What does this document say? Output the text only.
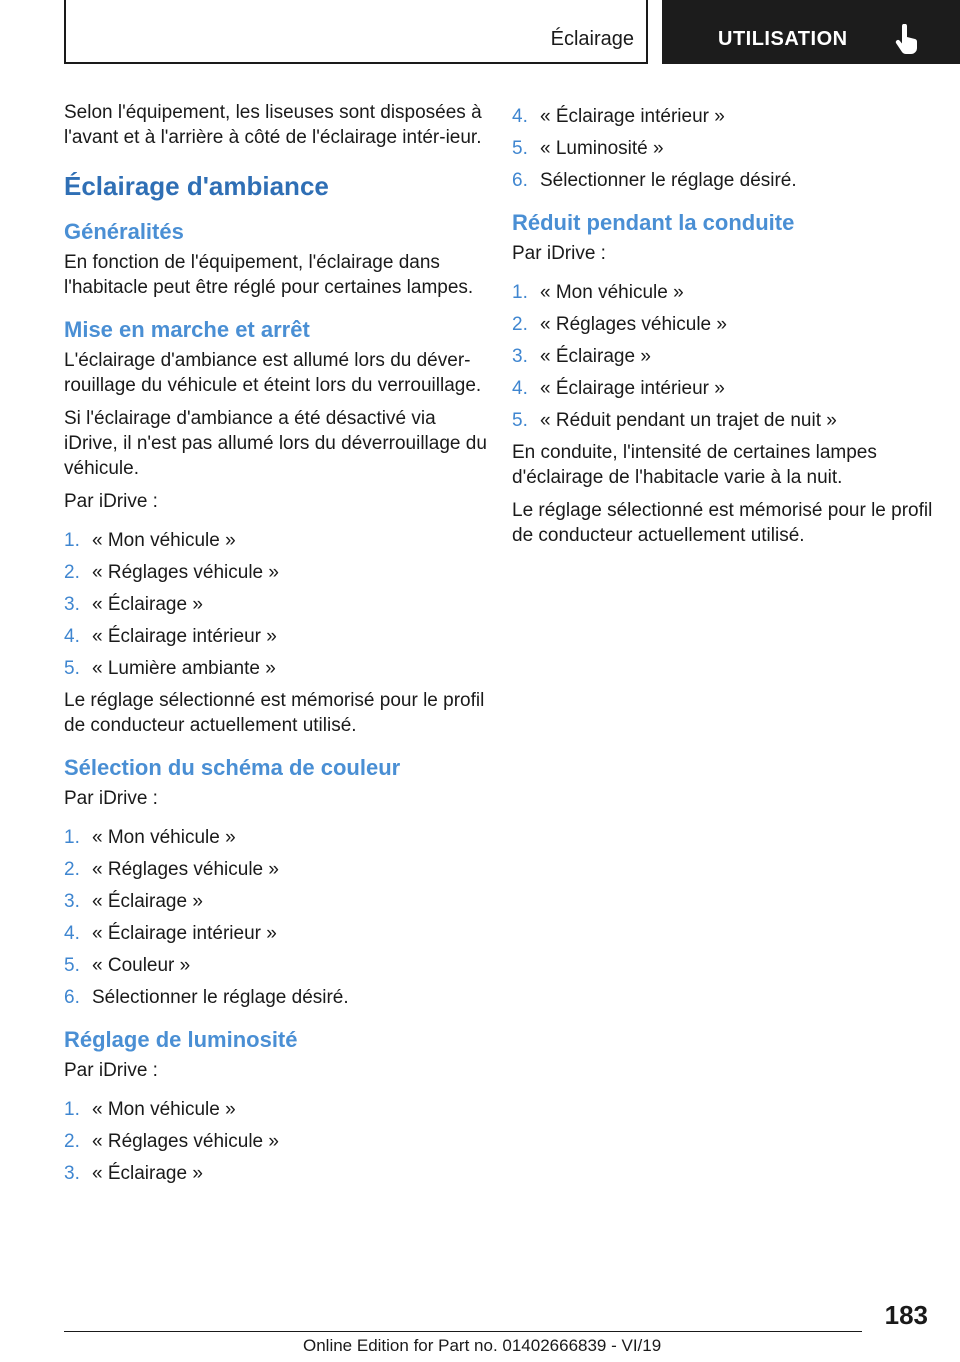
Éclairage	UTILISATION

Selon l'équipement, les liseuses sont disposées à l'avant et à l'arrière à côté de l'éclairage intér-ieur.

Éclairage d'ambiance
Généralités

En fonction de l'équipement, l'éclairage dans l'habitacle peut être réglé pour certaines lampes.

Mise en marche et arrêt

L'éclairage d'ambiance est allumé lors du déver-rouillage du véhicule et éteint lors du verrouillage.

Si l'éclairage d'ambiance a été désactivé via iDrive, il n'est pas allumé lors du déverrouillage du véhicule.

Par iDrive :

1. « Mon véhicule »
2. « Réglages véhicule »
3. « Éclairage »
4. « Éclairage intérieur »
5. « Lumière ambiante »

Le réglage sélectionné est mémorisé pour le profil de conducteur actuellement utilisé.

Sélection du schéma de couleur

Par iDrive :

1. « Mon véhicule »
2. « Réglages véhicule »
3. « Éclairage »
4. « Éclairage intérieur »
5. « Couleur »
6. Sélectionner le réglage désiré.
Réglage de luminosité

Par iDrive :

1. « Mon véhicule »
2. « Réglages véhicule »
3. « Éclairage »
4. « Éclairage intérieur »
5. « Luminosité »
6. Sélectionner le réglage désiré.
Réduit pendant la conduite

Par iDrive :

1. « Mon véhicule »
2. « Réglages véhicule »
3. « Éclairage »
4. « Éclairage intérieur »
5. « Réduit pendant un trajet de nuit »

En conduite, l'intensité de certaines lampes d'éclairage de l'habitacle varie à la nuit.

Le réglage sélectionné est mémorisé pour le profil de conducteur actuellement utilisé.

183
Online Edition for Part no. 01402666839 - VI/19
